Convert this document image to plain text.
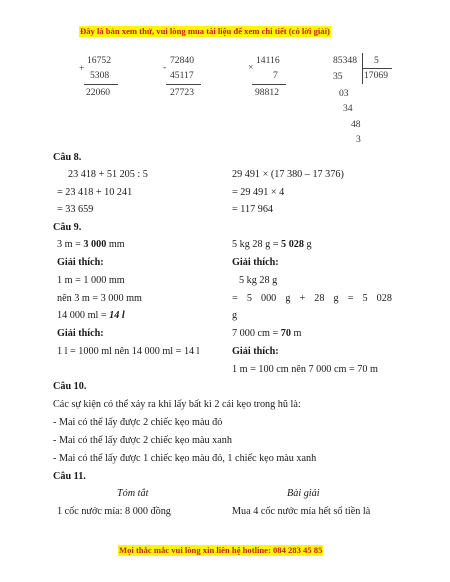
Đây là bản xem thử, vui lòng mua tài liệu để xem chi tiết (có lời giải)
16752
+
5308
22060
72840
-
45117
27723
14116
×
7
98812
85348 5
17069
35
03
34
48
3
Câu 8.
23 418 + 51 205 : 5
= 23 418 + 10 241
= 33 659
29 491 × (17 380 – 17 376)
= 29 491 × 4
= 117 964
Câu 9.
3 m = 3 000 mm
Giải thích:
1 m = 1 000 mm
nên 3 m = 3 000 mm
14 000 ml = 14 l
Giải thích:
1 l = 1000 ml nên 14 000 ml = 14 l
5 kg 28 g = 5 028 g
Giải thích:
5 kg 28 g
= 5 000 g + 28 g = 5 028
g
7 000 cm = 70 m
Giải thích:
1 m = 100 cm nên 7 000 cm = 70 m
Câu 10.
Các sự kiện có thể xảy ra khi lấy bất kì 2 cái kẹo trong hũ là:
- Mai có thể lấy được 2 chiếc kẹo màu đỏ
- Mai có thể lấy được 2 chiếc kẹo màu xanh
- Mai có thể lấy được 1 chiếc kẹo màu đỏ, 1 chiếc kẹo màu xanh
Câu 11.
Tóm tắt	Bài giải
1 cốc nước mía: 8 000 đồng	Mua 4 cốc nước mía hết số tiền là
Mọi thắc mắc vui lòng xin liên hệ hotline: 084 283 45 85
